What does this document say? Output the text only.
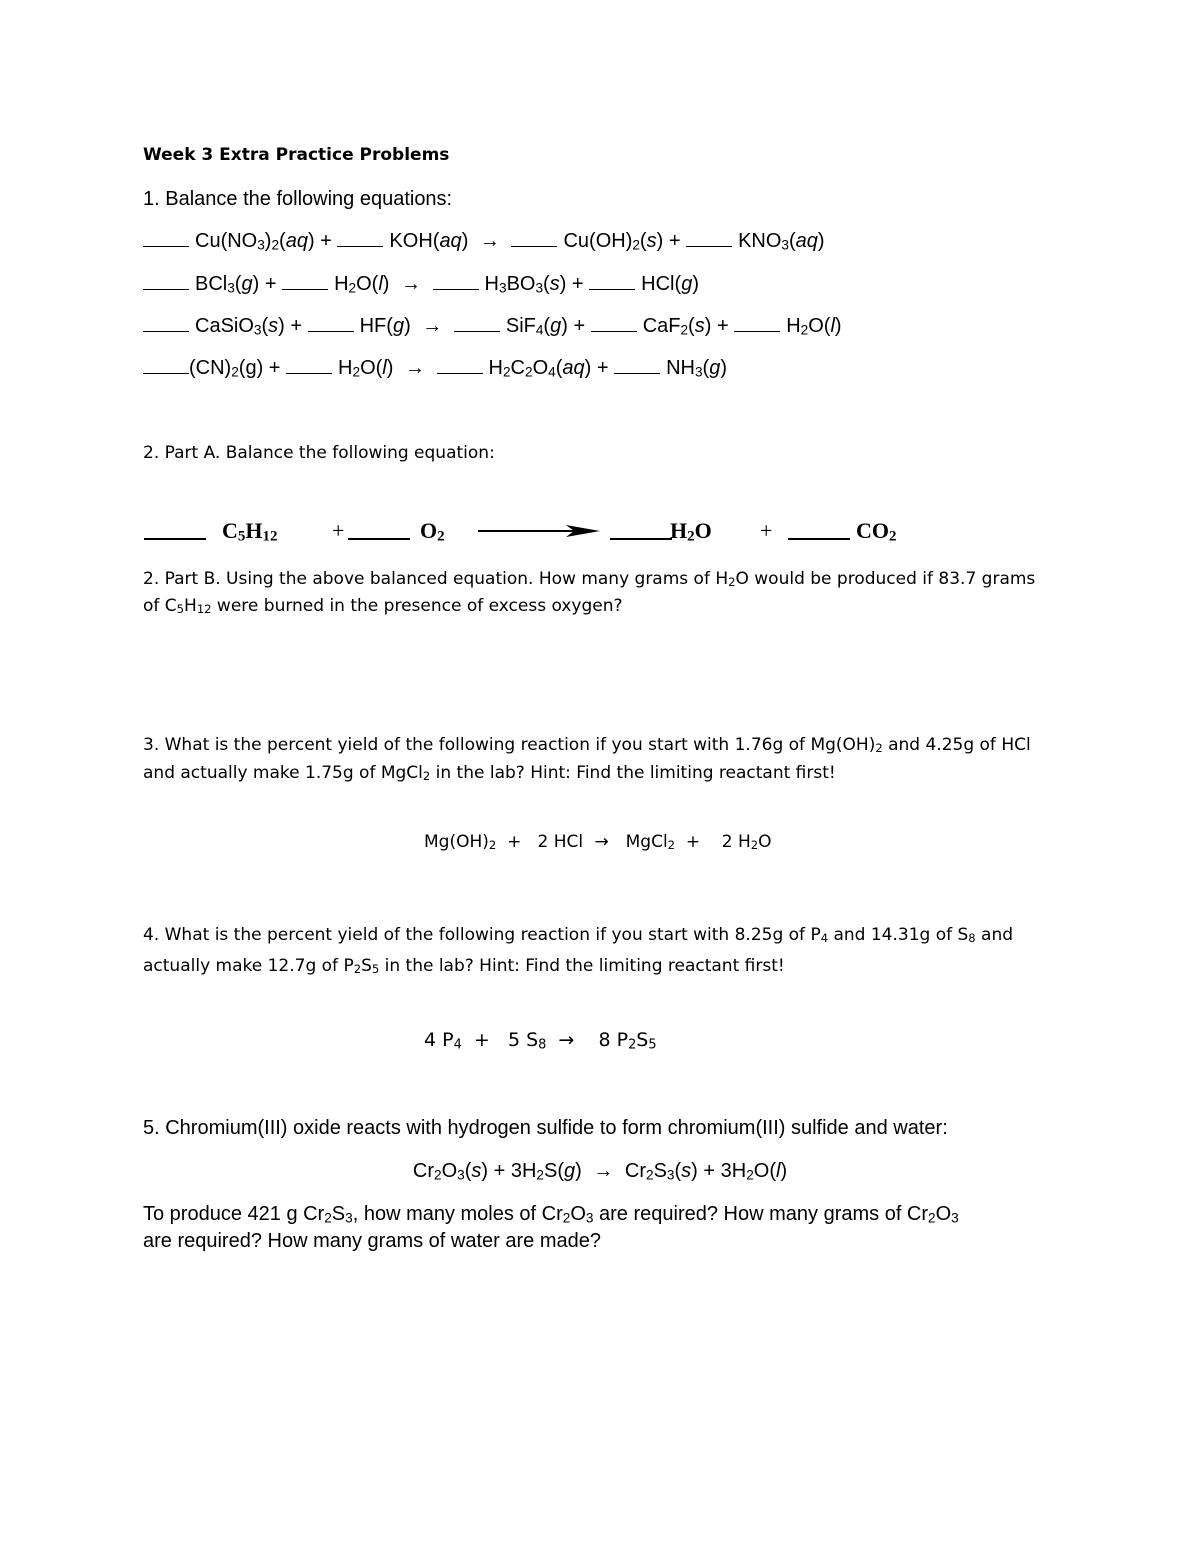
Week 3 Extra Practice Problems
1. Balance the following equations:
$Cu(NO_3)_2(aq)$ +	KOH(aq) →	$Cu(OH)_2(s)$ +	$KNO_3(aq)$
BCl$_3$(g) +	$H_2O(l)$ →	$H_3BO_3(s)$ +	HCl(g)
CaSiO$_3$(s) +	HF(g) →	SiF$_4$(g) +	CaF$_2$(s) +	$H_2O(l)$
$(CN)_2(g)$ +	$H_2O(l)$ →	$H_2C_2O_4(aq)$ +	$NH_3(g)$
2. Part A. Balance the following equation:
$C_5H_{12}$ +	$O_2$	$H_2O$ +	$CO_2$
2. Part B. Using the above balanced equation. How many grams of $H_2O$ would be produced if 83.7 grams
of $C_5H_{12}$ were burned in the presence of excess oxygen?
3. What is the percent yield of the following reaction if you start with 1.76g of $Mg(OH)_2$ and 4.25g of HCl
and actually make 1.75g of MgCl$_2$ in the lab? Hint: Find the limiting reactant first!
$Mg(OH)_2 + 2$ HCl → MgCl$_2$ + 2 $H_2O$
4. What is the percent yield of the following reaction if you start with 8.25g of $P_4$ and 14.31g of $S_8$ and
actually make 12.7g of $P_2S_5$ in the lab? Hint: Find the limiting reactant first!
4 $P_4 + 5$ $S_8 \to 8$ $P_2S_5$
5. Chromium(III) oxide reacts with hydrogen sulfide to form chromium(III) sulfide and water:
$Cr_2O_3(s) + 3H_2S(g) \to Cr_2S_3(s) + 3H_2O(l)$
To produce 421 g $Cr_2S_3$, how many moles of $Cr_2O_3$ are required? How many grams of $Cr_2O_3$
are required? How many grams of water are made?
